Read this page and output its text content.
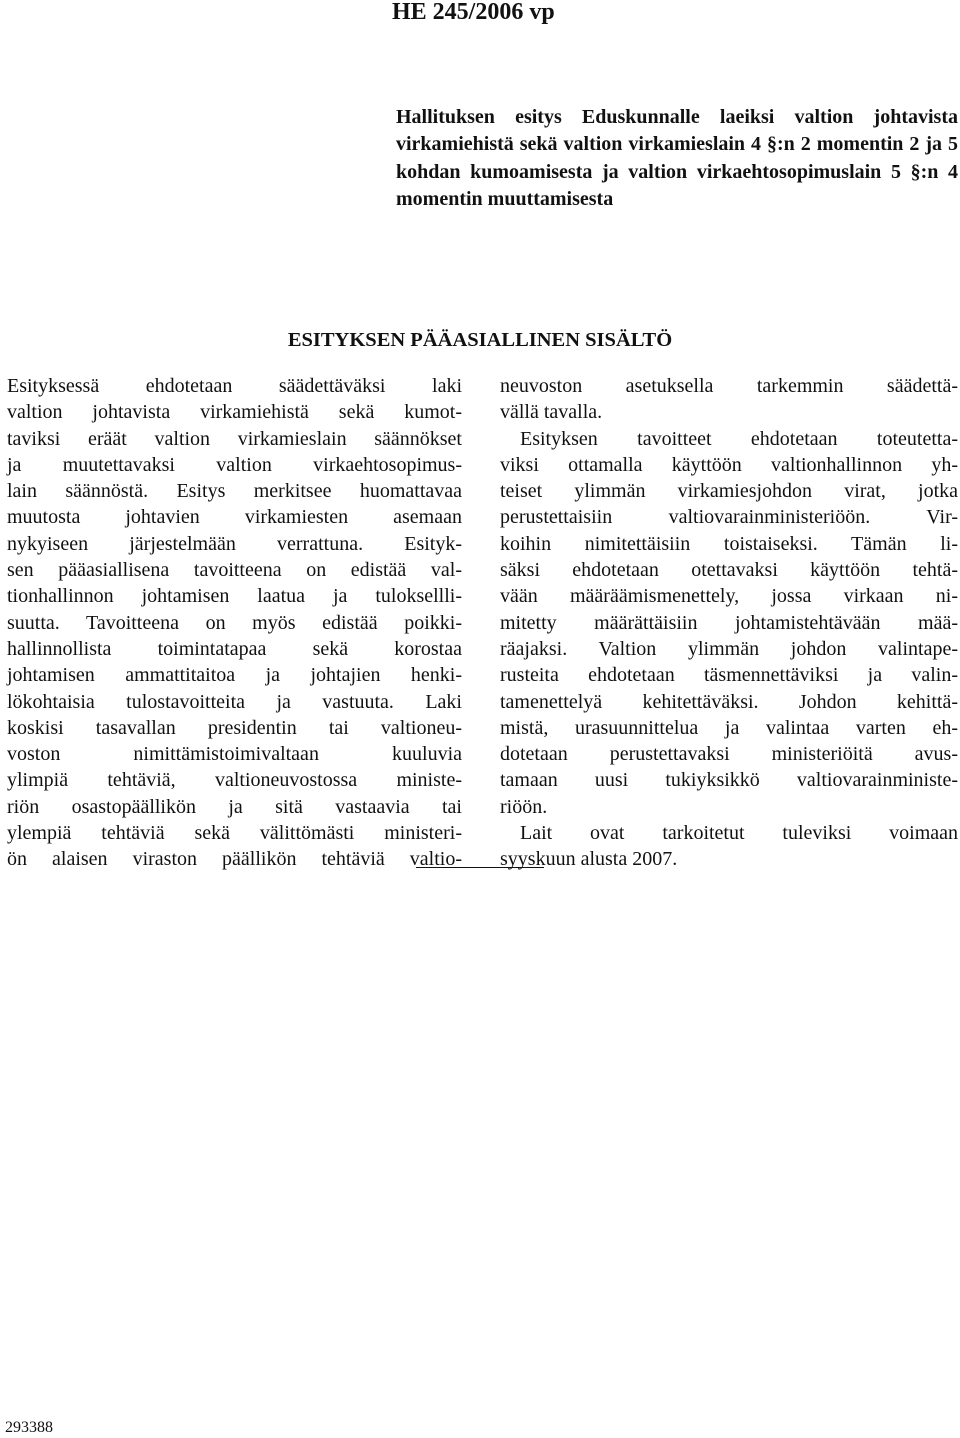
HE 245/2006 vp
Hallituksen esitys Eduskunnalle laeiksi valtion johtavista virkamiehistä sekä valtion virkamieslain 4 §:n 2 momentin 2 ja 5 kohdan kumoamisesta ja valtion virkaehtosopimuslain 5 §:n 4 momentin muuttamisesta
ESITYKSEN PÄÄASIALLINEN SISÄLTÖ
Esityksessä ehdotetaan säädettäväksi laki
valtion johtavista virkamiehistä sekä kumot-
taviksi eräät valtion virkamieslain säännökset
ja muutettavaksi valtion virkaehtosopimus-
lain säännöstä. Esitys merkitsee huomattavaa
muutosta johtavien virkamiesten asemaan
nykyiseen järjestelmään verrattuna. Esityk-
sen pääasiallisena tavoitteena on edistää val-
tionhallinnon johtamisen laatua ja tuloksellli-
suutta. Tavoitteena on myös edistää poikki-
hallinnollista toimintatapaa sekä korostaa
johtamisen ammattitaitoa ja johtajien henki-
lökohtaisia tulostavoitteita ja vastuuta. Laki
koskisi tasavallan presidentin tai valtioneu-
voston nimittämistoimivaltaan kuuluvia
ylimpiä tehtäviä, valtioneuvostossa ministe-
riön osastopäällikön ja sitä vastaavia tai
ylempiä tehtäviä sekä välittömästi ministeri-
ön alaisen viraston päällikön tehtäviä valtio-
neuvoston asetuksella tarkemmin säädettä-
vällä tavalla.
Esityksen tavoitteet ehdotetaan toteutetta-
viksi ottamalla käyttöön valtionhallinnon yh-
teiset ylimmän virkamiesjohdon virat, jotka
perustettaisiin valtiovarainministeriöön. Vir-
koihin nimitettäisiin toistaiseksi. Tämän li-
säksi ehdotetaan otettavaksi käyttöön tehtä-
vään määräämismenettely, jossa virkaan ni-
mitetty määrättäisiin johtamistehtävään mää-
räajaksi. Valtion ylimmän johdon valintape-
rusteita ehdotetaan täsmennettäviksi ja valin-
tamenettelyä kehitettäväksi. Johdon kehittä-
mistä, urasuunnittelua ja valintaa varten eh-
dotetaan perustettavaksi ministeriöitä avus-
tamaan uusi tukiyksikkö valtiovarainministe-
riöön.
Lait ovat tarkoitetut tuleviksi voimaan
syyskuun alusta 2007.
293388
